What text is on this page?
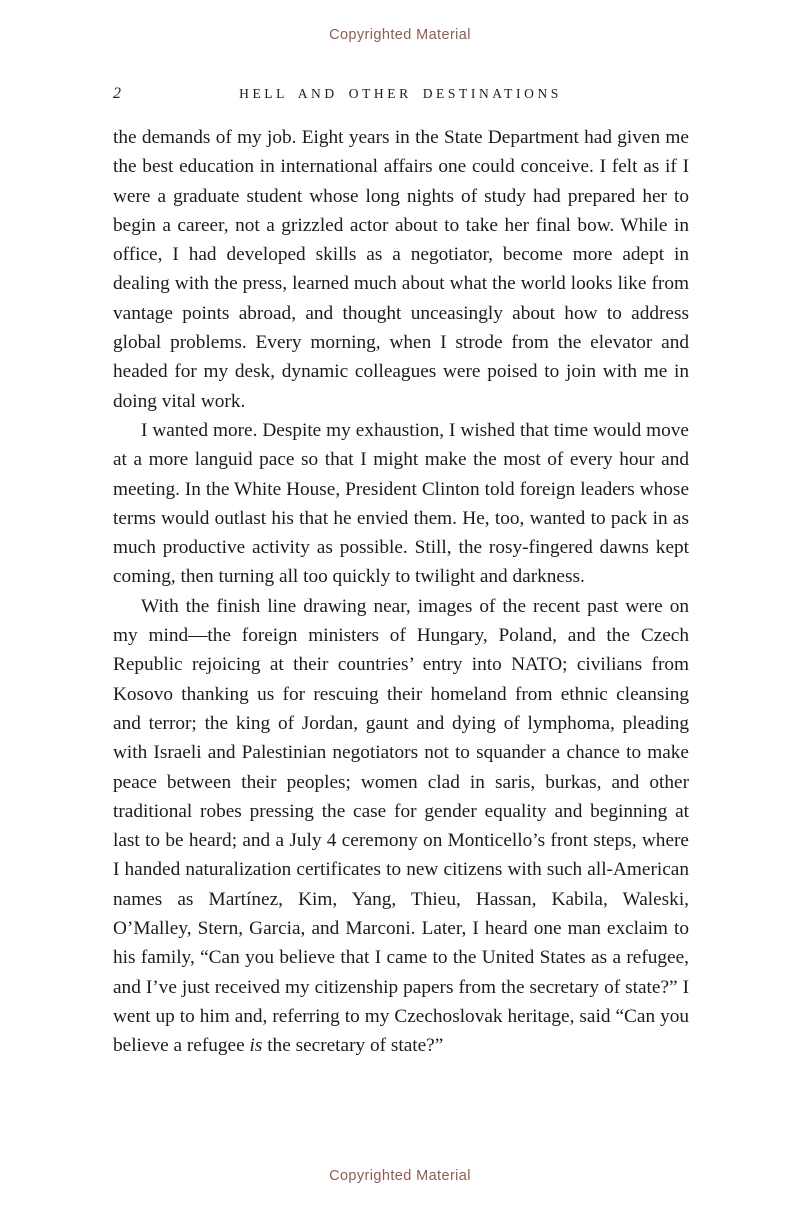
Copyrighted Material
2	HELL AND OTHER DESTINATIONS

the demands of my job. Eight years in the State Department had given me the best education in international affairs one could conceive. I felt as if I were a graduate student whose long nights of study had prepared her to begin a career, not a grizzled actor about to take her final bow. While in office, I had developed skills as a negotiator, become more adept in dealing with the press, learned much about what the world looks like from vantage points abroad, and thought unceasingly about how to address global problems. Every morning, when I strode from the elevator and headed for my desk, dynamic colleagues were poised to join with me in doing vital work.

I wanted more. Despite my exhaustion, I wished that time would move at a more languid pace so that I might make the most of every hour and meeting. In the White House, President Clinton told foreign leaders whose terms would outlast his that he envied them. He, too, wanted to pack in as much productive activity as possible. Still, the rosy-fingered dawns kept coming, then turning all too quickly to twilight and darkness.

With the finish line drawing near, images of the recent past were on my mind—the foreign ministers of Hungary, Poland, and the Czech Republic rejoicing at their countries’ entry into NATO; civilians from Kosovo thanking us for rescuing their homeland from ethnic cleansing and terror; the king of Jordan, gaunt and dying of lymphoma, pleading with Israeli and Palestinian negotiators not to squander a chance to make peace between their peoples; women clad in saris, burkas, and other traditional robes pressing the case for gender equality and beginning at last to be heard; and a July 4 ceremony on Monticello’s front steps, where I handed naturalization certificates to new citizens with such all-American names as Martínez, Kim, Yang, Thieu, Hassan, Kabila, Waleski, O’Malley, Stern, Garcia, and Marconi. Later, I heard one man exclaim to his family, “Can you believe that I came to the United States as a refugee, and I’ve just received my citizenship papers from the secretary of state?” I went up to him and, referring to my Czechoslovak heritage, said “Can you believe a refugee is the secretary of state?”

Copyrighted Material
